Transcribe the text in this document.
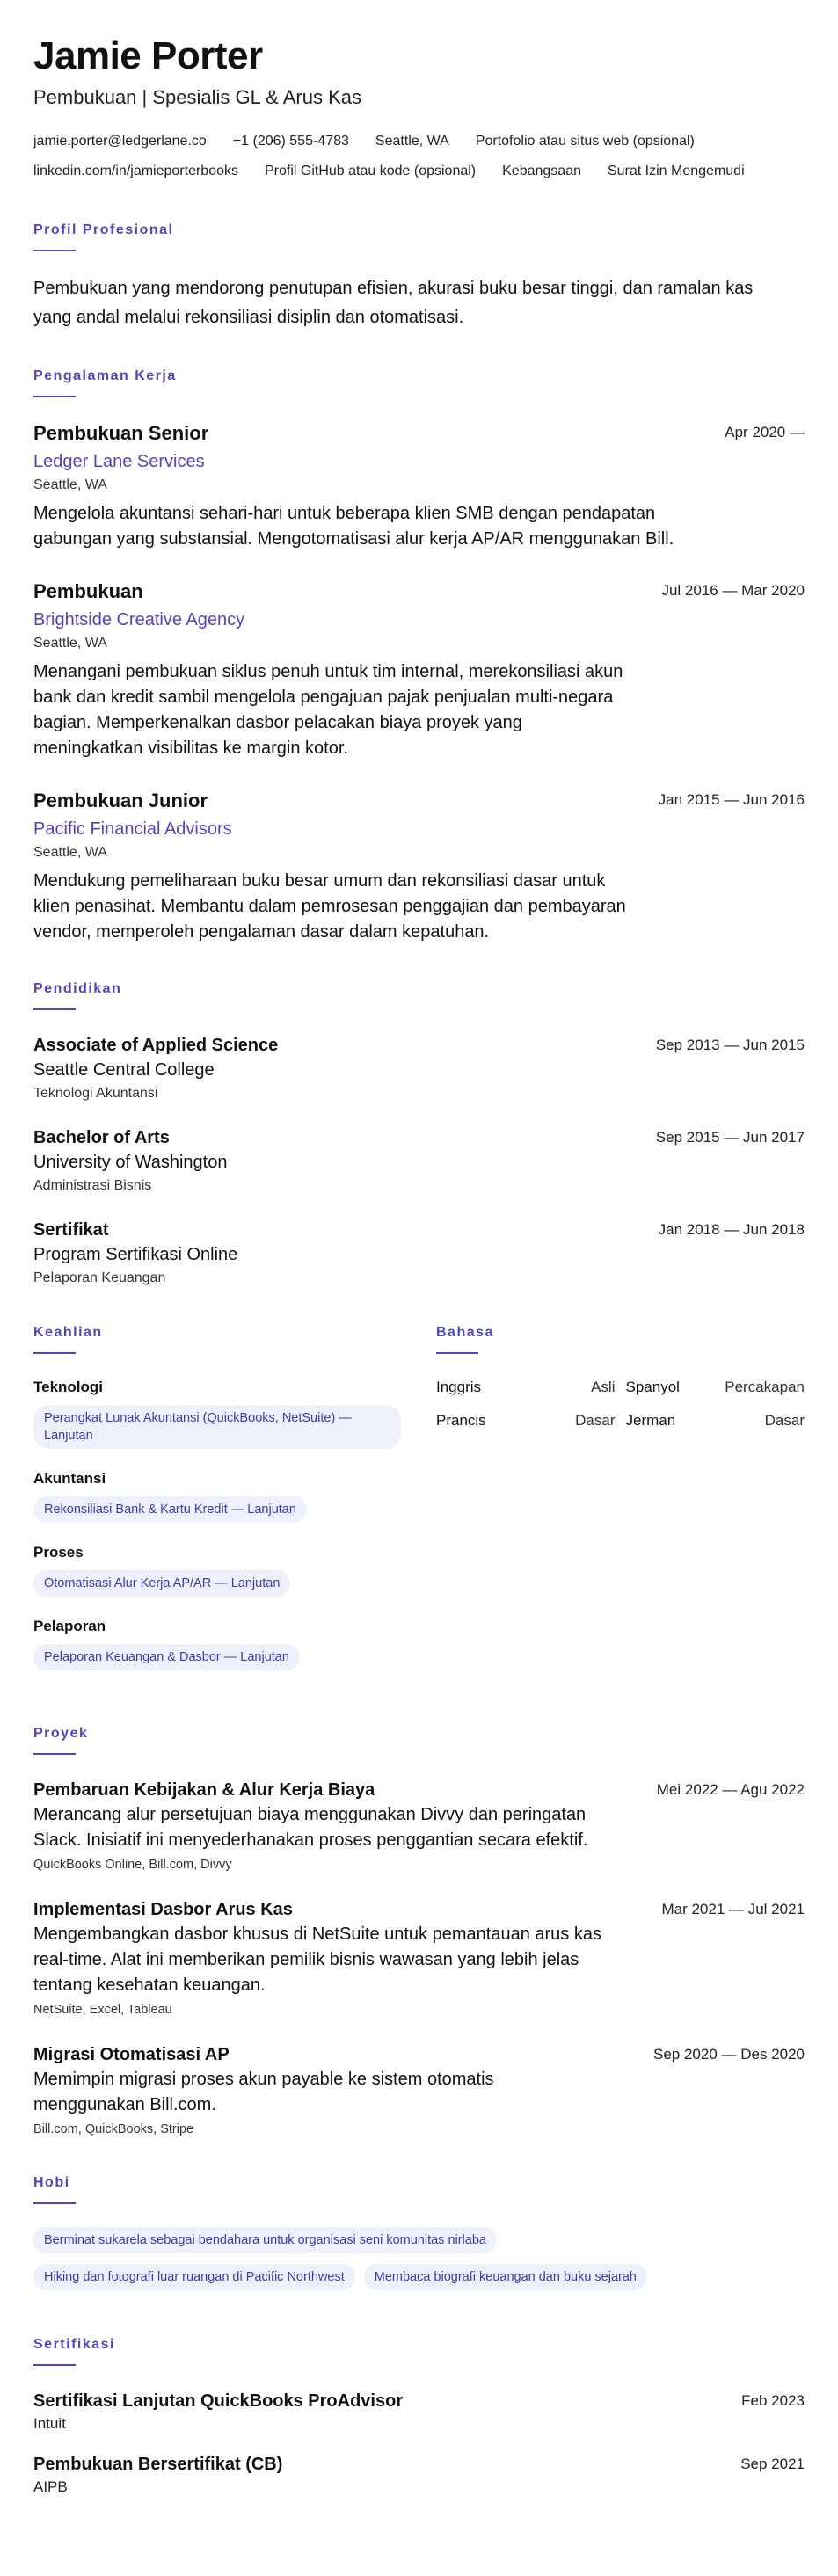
Jamie Porter
Pembukuan | Spesialis GL & Arus Kas
jamie.porter@ledgerlane.co +1 (206) 555-4783 Seattle, WA Portofolio atau situs web (opsional)
linkedin.com/in/jamieporterbooks Profil GitHub atau kode (opsional) Kebangsaan Surat Izin Mengemudi
Profil Profesional
Pembukuan yang mendorong penutupan efisien, akurasi buku besar tinggi, dan ramalan kas yang andal melalui rekonsiliasi disiplin dan otomatisasi.
Pengalaman Kerja
Pembukuan Senior	Apr 2020 —
Ledger Lane Services
Seattle, WA
Mengelola akuntansi sehari-hari untuk beberapa klien SMB dengan pendapatan gabungan yang substansial. Mengotomatisasi alur kerja AP/AR menggunakan Bill.
Pembukuan	Jul 2016 — Mar 2020
Brightside Creative Agency
Seattle, WA
Menangani pembukuan siklus penuh untuk tim internal, merekonsiliasi akun bank dan kredit sambil mengelola pengajuan pajak penjualan multi-negara bagian. Memperkenalkan dasbor pelacakan biaya proyek yang meningkatkan visibilitas ke margin kotor.
Pembukuan Junior	Jan 2015 — Jun 2016
Pacific Financial Advisors
Seattle, WA
Mendukung pemeliharaan buku besar umum dan rekonsiliasi dasar untuk klien penasihat. Membantu dalam pemrosesan penggajian dan pembayaran vendor, memperoleh pengalaman dasar dalam kepatuhan.
Pendidikan
Associate of Applied Science	Sep 2013 — Jun 2015
Seattle Central College
Teknologi Akuntansi
Bachelor of Arts	Sep 2015 — Jun 2017
University of Washington
Administrasi Bisnis
Sertifikat	Jan 2018 — Jun 2018
Program Sertifikasi Online
Pelaporan Keuangan
Keahlian
Teknologi
Perangkat Lunak Akuntansi (QuickBooks, NetSuite) — Lanjutan
Akuntansi
Rekonsiliasi Bank & Kartu Kredit — Lanjutan
Proses
Otomatisasi Alur Kerja AP/AR — Lanjutan
Pelaporan
Pelaporan Keuangan & Dasbor — Lanjutan
Bahasa
Inggris	Asli Spanyol	Percakapan
Prancis	Dasar Jerman	Dasar
Proyek
Pembaruan Kebijakan & Alur Kerja Biaya	Mei 2022 — Agu 2022
Merancang alur persetujuan biaya menggunakan Divvy dan peringatan Slack. Inisiatif ini menyederhanakan proses penggantian secara efektif.
QuickBooks Online, Bill.com, Divvy
Implementasi Dasbor Arus Kas	Mar 2021 — Jul 2021
Mengembangkan dasbor khusus di NetSuite untuk pemantauan arus kas real-time. Alat ini memberikan pemilik bisnis wawasan yang lebih jelas tentang kesehatan keuangan.
NetSuite, Excel, Tableau
Migrasi Otomatisasi AP	Sep 2020 — Des 2020
Memimpin migrasi proses akun payable ke sistem otomatis menggunakan Bill.com.
Bill.com, QuickBooks, Stripe
Hobi
Berminat sukarela sebagai bendahara untuk organisasi seni komunitas nirlaba
Hiking dan fotografi luar ruangan di Pacific Northwest	Membaca biografi keuangan dan buku sejarah
Sertifikasi
Sertifikasi Lanjutan QuickBooks ProAdvisor	Feb 2023
Intuit
Pembukuan Bersertifikat (CB)	Sep 2021
AIPB
